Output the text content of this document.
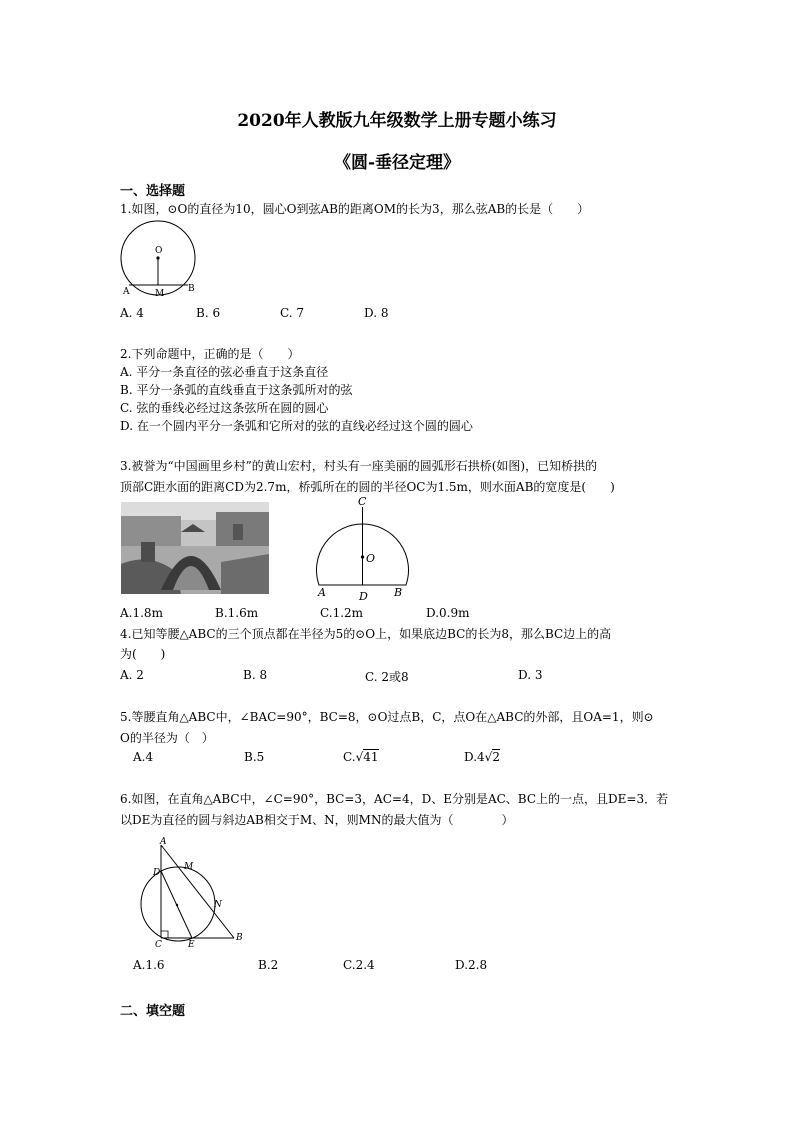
2020年人教版九年级数学上册专题小练习
《圆-垂径定理》
一、选择题
1.如图，⊙O的直径为10，圆心O到弦AB的距离OM的长为3，那么弦AB的长是（　　）
O
A	M	B
A. 4	B. 6	C. 7	D. 8
2.下列命题中，正确的是（　　）
A. 平分一条直径的弦必垂直于这条直径
B. 平分一条弧的直线垂直于这条弧所对的弦
C. 弦的垂线必经过这条弦所在圆的圆心
D. 在一个圆内平分一条弧和它所对的弦的直线必经过这个圆的圆心
3.被誉为“中国画里乡村”的黄山宏村，村头有一座美丽的圆弧形石拱桥(如图)，已知桥拱的
顶部C距水面的距离CD为2.7m，桥弧所在的圆的半径OC为1.5m，则水面AB的宽度是(　　)
C
O
A	D B
A.1.8m	B.1.6m	C.1.2m	D.0.9m
4.已知等腰△ABC的三个顶点都在半径为5的⊙O上，如果底边BC的长为8，那么BC边上的高
为(　　)
A. 2	B. 8	C. 2或8	D. 3
5.等腰直角△ABC中，∠BAC=90°，BC=8，⊙O过点B，C，点O在△ABC的外部，且OA=1，则⊙
O的半径为（　）
A.4	B.5	C.√41	D.4√2
6.如图，在直角△ABC中，∠C=90°，BC=3，AC=4，D、E分别是AC、BC上的一点，且DE=3．若
以DE为直径的圆与斜边AB相交于M、N，则MN的最大值为（　　　　）
A
M
D
N
C	E
B
A.1.6	B.2	C.2.4	D.2.8
二、填空题
